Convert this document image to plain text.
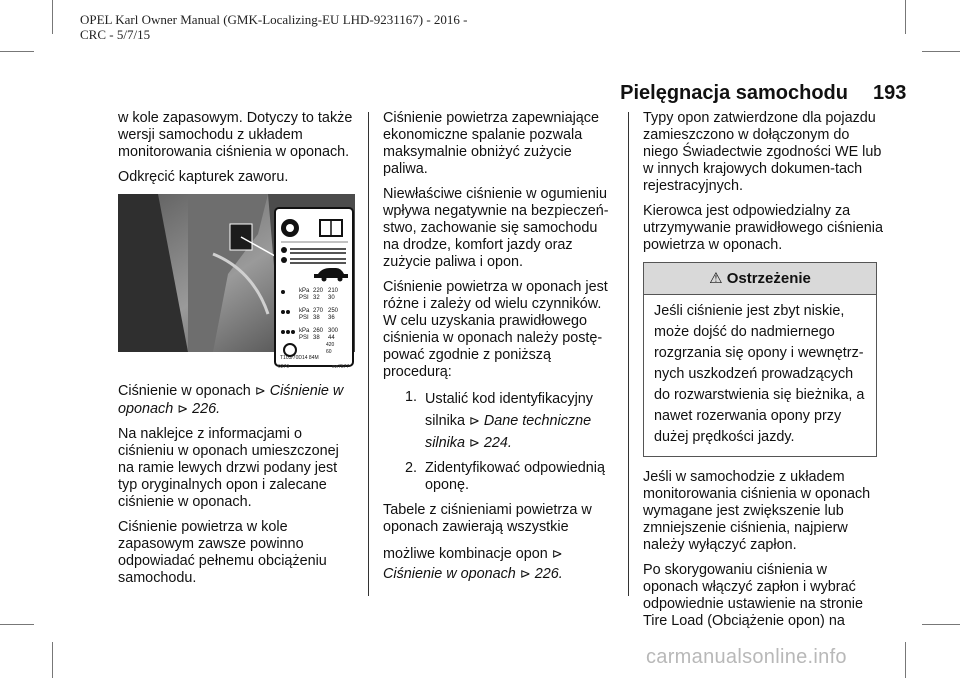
OPEL Karl Owner Manual (GMK-Localizing-EU LHD-9231167) - 2016 -
CRC - 5/7/15
Pielęgnacja samochodu 193

w kole zapasowym. Dotyczy to także wersji samochodu z układem monitorowania ciśnienia w oponach.

Odkręcić kapturek zaworu.

kPa
PSI
220 210
32 30
kPa
PSI
270 250
38 36
kPa
PSI
260 300
38 44
T105/70D14 84M
420
60
0270	sw7577

Ciśnienie w oponach ⊳ Ciśnienie w oponach ⊳ 226.

Na naklejce z informacjami o ciśnieniu w oponach umieszczonej na ramie lewych drzwi podany jest typ oryginalnych opon i zalecane ciśnienie w oponach.

Ciśnienie powietrza w kole zapasowym zawsze powinno odpowiadać pełnemu obciążeniu samochodu.

Ciśnienie powietrza zapewniające ekonomiczne spalanie pozwala maksymalnie obniżyć zużycie paliwa.

Niewłaściwe ciśnienie w ogumieniu wpływa negatywnie na bezpieczeń-stwo, zachowanie się samochodu na drodze, komfort jazdy oraz zużycie paliwa i opon.

Ciśnienie powietrza w oponach jest różne i zależy od wielu czynników. W celu uzyskania prawidłowego ciśnienia w oponach należy postę-pować zgodnie z poniższą procedurą:

1. Ustalić kod identyfikacyjny silnika ⊳ Dane techniczne silnika ⊳ 224.
2. Zidentyfikować odpowiednią oponę.

Tabele z ciśnieniami powietrza w oponach zawierają wszystkie

możliwe kombinacje opon ⊳ Ciśnienie w oponach ⊳ 226.

Typy opon zatwierdzone dla pojazdu zamieszczono w dołączonym do niego Świadectwie zgodności WE lub w innych krajowych dokumen-tach rejestracyjnych.

Kierowca jest odpowiedzialny za utrzymywanie prawidłowego ciśnienia powietrza w oponach.

⚠ Ostrzeżenie
Jeśli ciśnienie jest zbyt niskie, może dojść do nadmiernego rozgrzania się opony i wewnętrz-nych uszkodzeń prowadzących do rozwarstwienia się bieżnika, a nawet rozerwania opony przy dużej prędkości jazdy.

Jeśli w samochodzie z układem monitorowania ciśnienia w oponach wymagane jest zwiększenie lub zmniejszenie ciśnienia, najpierw należy wyłączyć zapłon.

Po skorygowaniu ciśnienia w oponach włączyć zapłon i wybrać odpowiednie ustawienie na stronie Tire Load (Obciążenie opon) na

carmanualsonline.info
